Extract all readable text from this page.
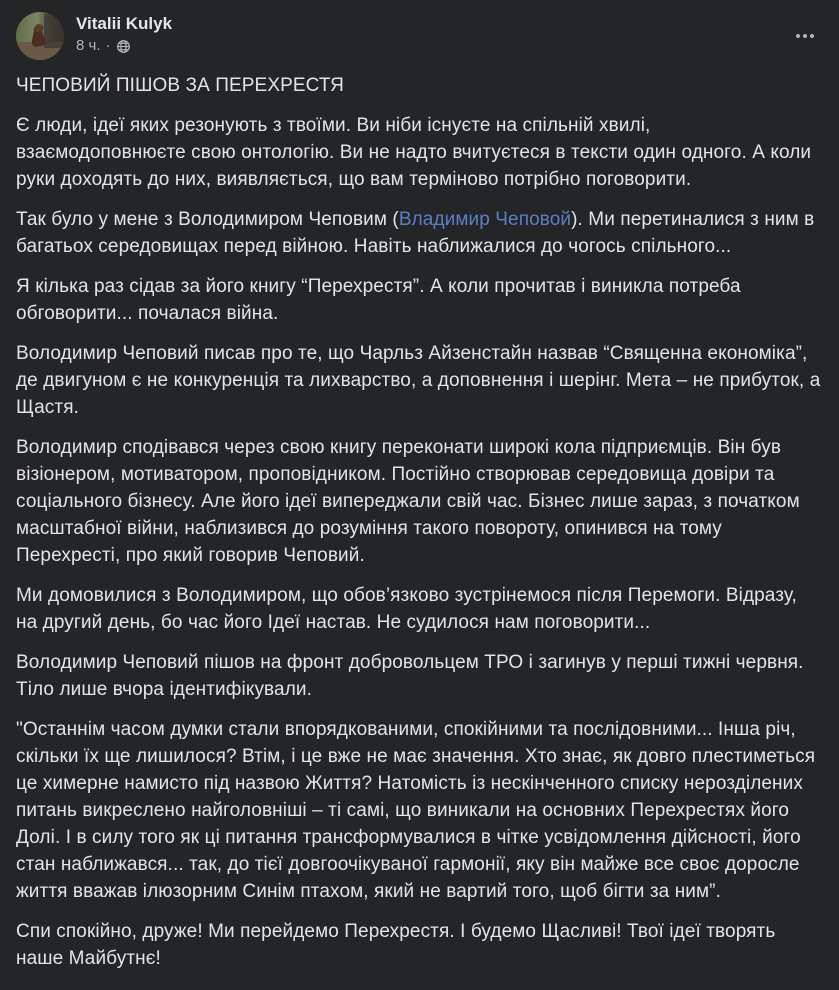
Vitalii Kulyk
8 ч. ·

ЧЕПОВИЙ ПІШОВ ЗА ПЕРЕХРЕСТЯ

Є люди, ідеї яких резонують з твоїми. Ви ніби існуєте на спільній хвилі, взаємодоповнюєте свою онтологію. Ви не надто вчитуєтеся в тексти один одного. А коли руки доходять до них, виявляється, що вам терміново потрібно поговорити.

Так було у мене з Володимиром Чеповим (Владимир Чеповой). Ми перетиналися з ним в багатьох середовищах перед війною. Навіть наближалися до чогось спільного...

Я кілька раз сідав за його книгу “Перехрестя”. А коли прочитав і виникла потреба обговорити... почалася війна.

Володимир Чеповий писав про те, що Чарльз Айзенстайн назвав “Священна економіка”, де двигуном є не конкуренція та лихварство, а доповнення і шерінг. Мета – не прибуток, а Щастя.

Володимир сподівався через свою книгу переконати широкі кола підприємців. Він був візіонером, мотиватором, проповідником. Постійно створював середовища довіри та соціального бізнесу. Але його ідеї випереджали свій час. Бізнес лише зараз, з початком масштабної війни, наблизився до розуміння такого повороту, опинився на тому Перехресті, про який говорив Чеповий.

Ми домовилися з Володимиром, що обов’язково зустрінемося після Перемоги. Відразу, на другий день, бо час його Ідеї настав. Не судилося нам поговорити...

Володимир Чеповий пішов на фронт добровольцем ТРО і загинув у перші тижні червня. Тіло лише вчора ідентифікували.

"Останнім часом думки стали впорядкованими, спокійними та послідовними... Інша річ, скільки їх ще лишилося? Втім, і це вже не має значення. Хто знає, як довго плестиметься це химерне намисто під назвою Життя? Натомість із нескінченного списку нерозділених питань викреслено найголовніші – ті самі, що виникали на основних Перехрестях його Долі. І в силу того як ці питання трансформувалися в чітке усвідомлення дійсності, його стан наближався... так, до тієї довгоочікуваної гармонії, яку він майже все своє доросле життя вважав ілюзорним Синім птахом, який не вартий того, щоб бігти за ним”.

Спи спокійно, друже! Ми перейдемо Перехрестя. І будемо Щасливі! Твої ідеї творять наше Майбутнє!
